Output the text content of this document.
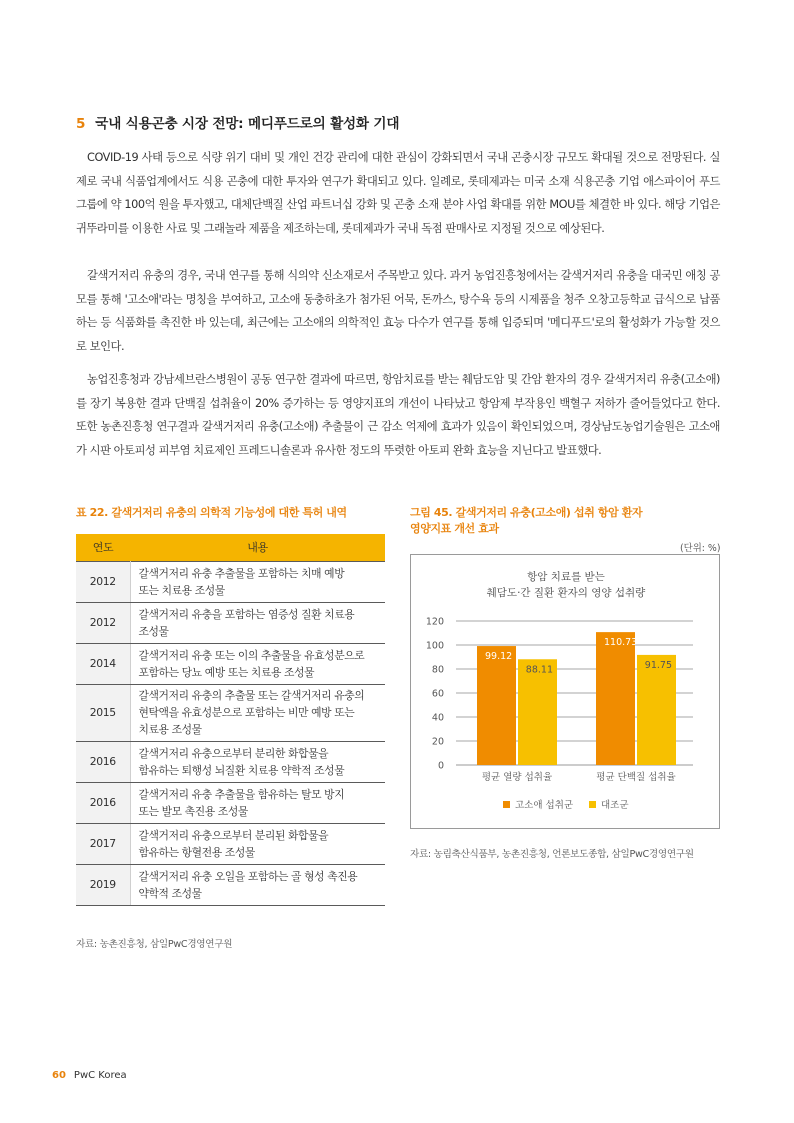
5 국내 식용곤충 시장 전망: 메디푸드로의 활성화 기대

COVID-19 사태 등으로 식량 위기 대비 및 개인 건강 관리에 대한 관심이 강화되면서 국내 곤충시장 규모도 확대될 것으로 전망된다. 실제로 국내 식품업계에서도 식용 곤충에 대한 투자와 연구가 확대되고 있다. 일례로, 롯데제과는 미국 소재 식용곤충 기업 애스파이어 푸드 그룹에 약 100억 원을 투자했고, 대체단백질 산업 파트너십 강화 및 곤충 소재 분야 사업 확대를 위한 MOU를 체결한 바 있다. 해당 기업은 귀뚜라미를 이용한 사료 및 그래놀라 제품을 제조하는데, 롯데제과가 국내 독점 판매사로 지정될 것으로 예상된다.

갈색거저리 유충의 경우, 국내 연구를 통해 식의약 신소재로서 주목받고 있다. 과거 농업진흥청에서는 갈색거저리 유충을 대국민 애칭 공모를 통해 '고소애'라는 명칭을 부여하고, 고소애 동충하초가 첨가된 어묵, 돈까스, 탕수육 등의 시제품을 청주 오창고등학교 급식으로 납품하는 등 식품화를 촉진한 바 있는데, 최근에는 고소애의 의학적인 효능 다수가 연구를 통해 입증되며 '메디푸드'로의 활성화가 가능할 것으로 보인다.

농업진흥청과 강남세브란스병원이 공동 연구한 결과에 따르면, 항암치료를 받는 췌담도암 및 간암 환자의 경우 갈색거저리 유충(고소애)를 장기 복용한 결과 단백질 섭취율이 20% 증가하는 등 영양지표의 개선이 나타났고 항암제 부작용인 백혈구 저하가 줄어들었다고 한다. 또한 농촌진흥청 연구결과 갈색거저리 유충(고소애) 추출물이 근 감소 억제에 효과가 있음이 확인되었으며, 경상남도농업기술원은 고소애가 시판 아토피성 피부염 치료제인 프레드니솔론과 유사한 정도의 뚜렷한 아토피 완화 효능을 지닌다고 발표했다.

표 22. 갈색거저리 유충의 의학적 기능성에 대한 특허 내역	그림 45. 갈색거저리 유충(고소애) 섭취 항암 환자
영양지표 개선 효과
연도	내용
2012	갈색거저리 유충 추출물을 포함하는 치매 예방
또는 치료용 조성물

2012	갈색거저리 유충을 포함하는 염증성 질환 치료용
조성물

2014	갈색거저리 유충 또는 이의 추출물을 유효성분으로
포함하는 당뇨 예방 또는 치료용 조성물

2015	갈색거저리 유충의 추출물 또는 갈색거저리 유충의
현탁액을 유효성분으로 포함하는 비만 예방 또는
치료용 조성물

2016	갈색거저리 유충으로부터 분리한 화합물을
함유하는 퇴행성 뇌질환 치료용 약학적 조성물

2016	갈색거저리 유충 추출물을 함유하는 탈모 방지
또는 발모 촉진용 조성물

2017	갈색거저리 유충으로부터 분리된 화합물을
함유하는 항혈전용 조성물

2019	갈색거저리 유충 오일을 포함하는 골 형성 촉진용
약학적 조성물
자료: 농촌진흥청, 삼일PwC경영연구원
(단위: %)
항암 치료를 받는
췌담도·간 질환 환자의 영양 섭취량
0
20
40
60
80
100
120
99.12
110.73
88.11	91.75
평균 열량 섭취율	평균 단백질 섭취율
고소애 섭취군	대조군
자료: 농림축산식품부, 농촌진흥청, 언론보도종합, 삼일PwC경영연구원
60 PwC Korea
